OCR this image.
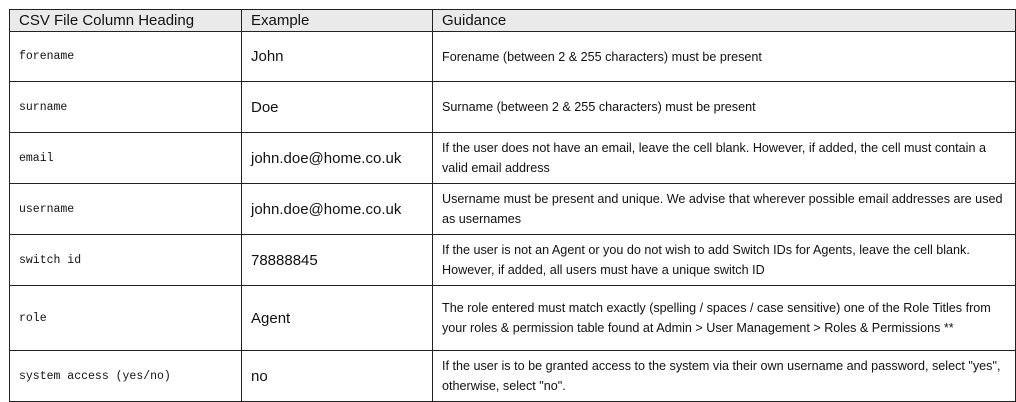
CSV File Column Heading	Example	Guidance
forename	John	Forename (between 2 & 255 characters) must be present
surname	Doe	Surname (between 2 & 255 characters) must be present
email	john.doe@home.co.uk	If the user does not have an email, leave the cell blank. However, if added, the cell must contain a valid email address
username	john.doe@home.co.uk	Username must be present and unique. We advise that wherever possible email addresses are used as usernames
switch id	78888845	If the user is not an Agent or you do not wish to add Switch IDs for Agents, leave the cell blank. However, if added, all users must have a unique switch ID
role	Agent	The role entered must match exactly (spelling / spaces / case sensitive) one of the Role Titles from your roles & permission table found at Admin > User Management > Roles & Permissions **
system access (yes/no)	no	If the user is to be granted access to the system via their own username and password, select "yes", otherwise, select "no".
